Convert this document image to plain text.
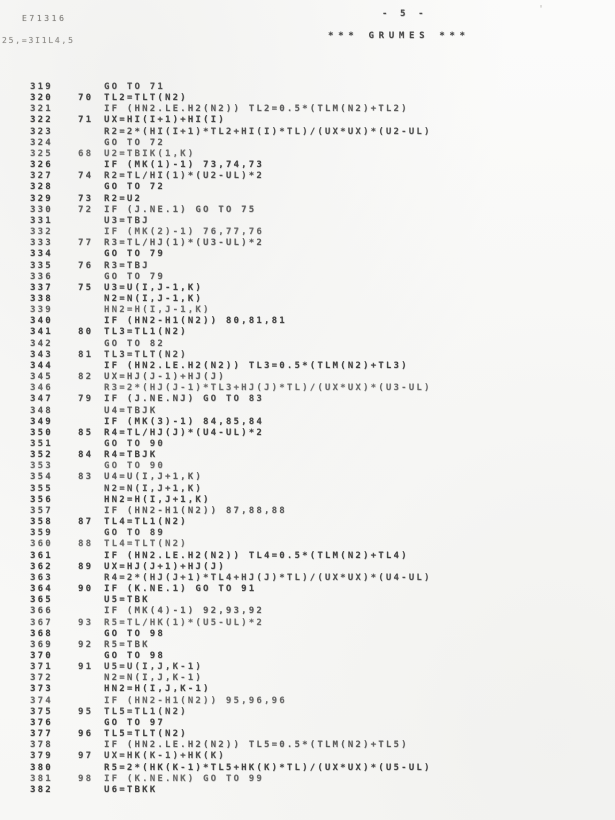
E71316
25,=3I1L4,5
- 5 -
*** GRUMES ***
'
319	GO TO 71
320	70	TL2=TLT(N2)
321	IF (HN2.LE.H2(N2)) TL2=0.5*(TLM(N2)+TL2)
322	71	UX=HI(I+1)+HI(I)
323	R2=2*(HI(I+1)*TL2+HI(I)*TL)/(UX*UX)*(U2-UL)
324	GO TO 72
325	68	U2=TBIK(1,K)
326	IF (MK(1)-1) 73,74,73
327	74	R2=TL/HI(1)*(U2-UL)*2
328	GO TO 72
329	73	R2=U2
330	72	IF (J.NE.1) GO TO 75
331	U3=TBJ
332	IF (MK(2)-1) 76,77,76
333	77	R3=TL/HJ(1)*(U3-UL)*2
334	GO TO 79
335	76	R3=TBJ
336	GO TO 79
337	75	U3=U(I,J-1,K)
338	N2=N(I,J-1,K)
339	HN2=H(I,J-1,K)
340	IF (HN2-H1(N2)) 80,81,81
341	80	TL3=TL1(N2)
342	GO TO 82
343	81	TL3=TLT(N2)
344	IF (HN2.LE.H2(N2)) TL3=0.5*(TLM(N2)+TL3)
345	82	UX=HJ(J-1)+HJ(J)
346	R3=2*(HJ(J-1)*TL3+HJ(J)*TL)/(UX*UX)*(U3-UL)
347	79	IF (J.NE.NJ) GO TO 83
348	U4=TBJK
349	IF (MK(3)-1) 84,85,84
350	85	R4=TL/HJ(J)*(U4-UL)*2
351	GO TO 90
352	84	R4=TBJK
353	GO TO 90
354	83	U4=U(I,J+1,K)
355	N2=N(I,J+1,K)
356	HN2=H(I,J+1,K)
357	IF (HN2-H1(N2)) 87,88,88
358	87	TL4=TL1(N2)
359	GO TO 89
360	88	TL4=TLT(N2)
361	IF (HN2.LE.H2(N2)) TL4=0.5*(TLM(N2)+TL4)
362	89	UX=HJ(J+1)+HJ(J)
363	R4=2*(HJ(J+1)*TL4+HJ(J)*TL)/(UX*UX)*(U4-UL)
364	90	IF (K.NE.1) GO TO 91
365	U5=TBK
366	IF (MK(4)-1) 92,93,92
367	93	R5=TL/HK(1)*(U5-UL)*2
368	GO TO 98
369	92	R5=TBK
370	GO TO 98
371	91	U5=U(I,J,K-1)
372	N2=N(I,J,K-1)
373	HN2=H(I,J,K-1)
374	IF (HN2-H1(N2)) 95,96,96
375	95	TL5=TL1(N2)
376	GO TO 97
377	96	TL5=TLT(N2)
378	IF (HN2.LE.H2(N2)) TL5=0.5*(TLM(N2)+TL5)
379	97	UX=HK(K-1)+HK(K)
380	R5=2*(HK(K-1)*TL5+HK(K)*TL)/(UX*UX)*(U5-UL)
381	98	IF (K.NE.NK) GO TO 99
382	U6=TBKK
